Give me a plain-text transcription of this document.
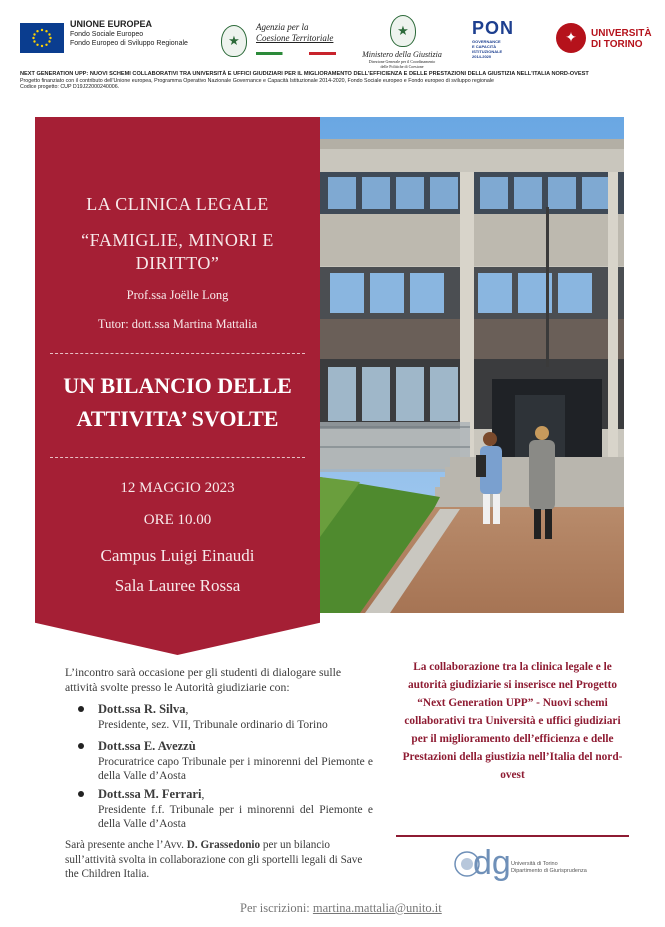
UNIONE EUROPEA
Fondo Sociale Europeo
Fondo Europeo di Sviluppo Regionale	★
Agenzia per la
Coesione Territoriale	★
Ministero della Giustizia
Direzione Generale per il Coordinamento
delle Politiche di Coesione
PON
GOVERNANCE
E CAPACITÀ
ISTITUZIONALE
2014-2020
✦	UNIVERSITÀ
DI TORINO
NEXT GENERATION UPP: NUOVI SCHEMI COLLABORATIVI TRA UNIVERSITÀ E UFFICI GIUDIZIARI PER IL MIGLIORAMENTO DELL'EFFICIENZA E DELLE PRESTAZIONI DELLA GIUSTIZIA NELL'ITALIA NORD-OVEST
Progetto finanziato con il contributo dell'Unione europea, Programma Operativo Nazionale Governance e Capacità Istituzionale 2014-2020, Fondo Sociale europeo e Fondo europeo di sviluppo regionale
Codice progetto: CUP D19J22000240006.
LA CLINICA LEGALE
“FAMIGLIE, MINORI E
DIRITTO”
Prof.ssa Joëlle Long
Tutor: dott.ssa Martina Mattalia
UN BILANCIO DELLE
ATTIVITA’ SVOLTE
12 MAGGIO 2023
ORE 10.00
Campus Luigi Einaudi
Sala Lauree Rossa
L’incontro sarà occasione per gli studenti di dialogare sulle attività svolte presso le Autorità giudiziarie con:
Dott.ssa R. Silva,
Presidente, sez. VII, Tribunale ordinario di Torino
Dott.ssa E. Avezzù
Procuratrice capo Tribunale per i minorenni del Piemonte e della Valle d’Aosta
Dott.ssa M. Ferrari,
Presidente f.f. Tribunale per i minorenni del Piemonte e della Valle d’Aosta
Sarà presente anche l’Avv. D. Grassedonio per un bilancio sull’attività svolta in collaborazione con gli sportelli legali di Save the Children Italia.
La collaborazione tra la clinica legale e le autorità giudiziarie si inserisce nel Progetto “Next Generation UPP” - Nuovi schemi collaborativi tra Università e uffici giudiziari per il miglioramento dell’efficienza e delle Prestazioni della giustizia nell’Italia del nord-ovest
dg Università di Torino
Dipartimento di Giurisprudenza
Per iscrizioni: martina.mattalia@unito.it
